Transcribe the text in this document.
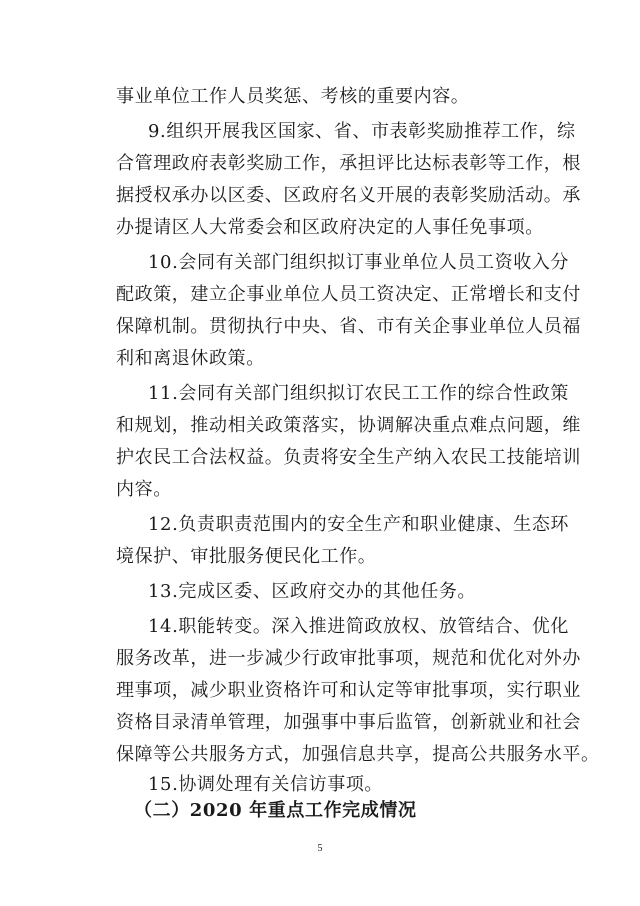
事业单位工作人员奖惩、考核的重要内容。
9.组织开展我区国家、省、市表彰奖励推荐工作，综
合管理政府表彰奖励工作，承担评比达标表彰等工作，根
据授权承办以区委、区政府名义开展的表彰奖励活动。承
办提请区人大常委会和区政府决定的人事任免事项。
10.会同有关部门组织拟订事业单位人员工资收入分
配政策，建立企事业单位人员工资决定、正常增长和支付
保障机制。贯彻执行中央、省、市有关企事业单位人员福
利和离退休政策。
11.会同有关部门组织拟订农民工工作的综合性政策
和规划，推动相关政策落实，协调解决重点难点问题，维
护农民工合法权益。负责将安全生产纳入农民工技能培训
内容。
12.负责职责范围内的安全生产和职业健康、生态环
境保护、审批服务便民化工作。
13.完成区委、区政府交办的其他任务。
14.职能转变。深入推进简政放权、放管结合、优化
服务改革，进一步减少行政审批事项，规范和优化对外办
理事项，减少职业资格许可和认定等审批事项，实行职业
资格目录清单管理，加强事中事后监管，创新就业和社会
保障等公共服务方式，加强信息共享，提高公共服务水平。
15.协调处理有关信访事项。
（二）2020 年重点工作完成情况
5
